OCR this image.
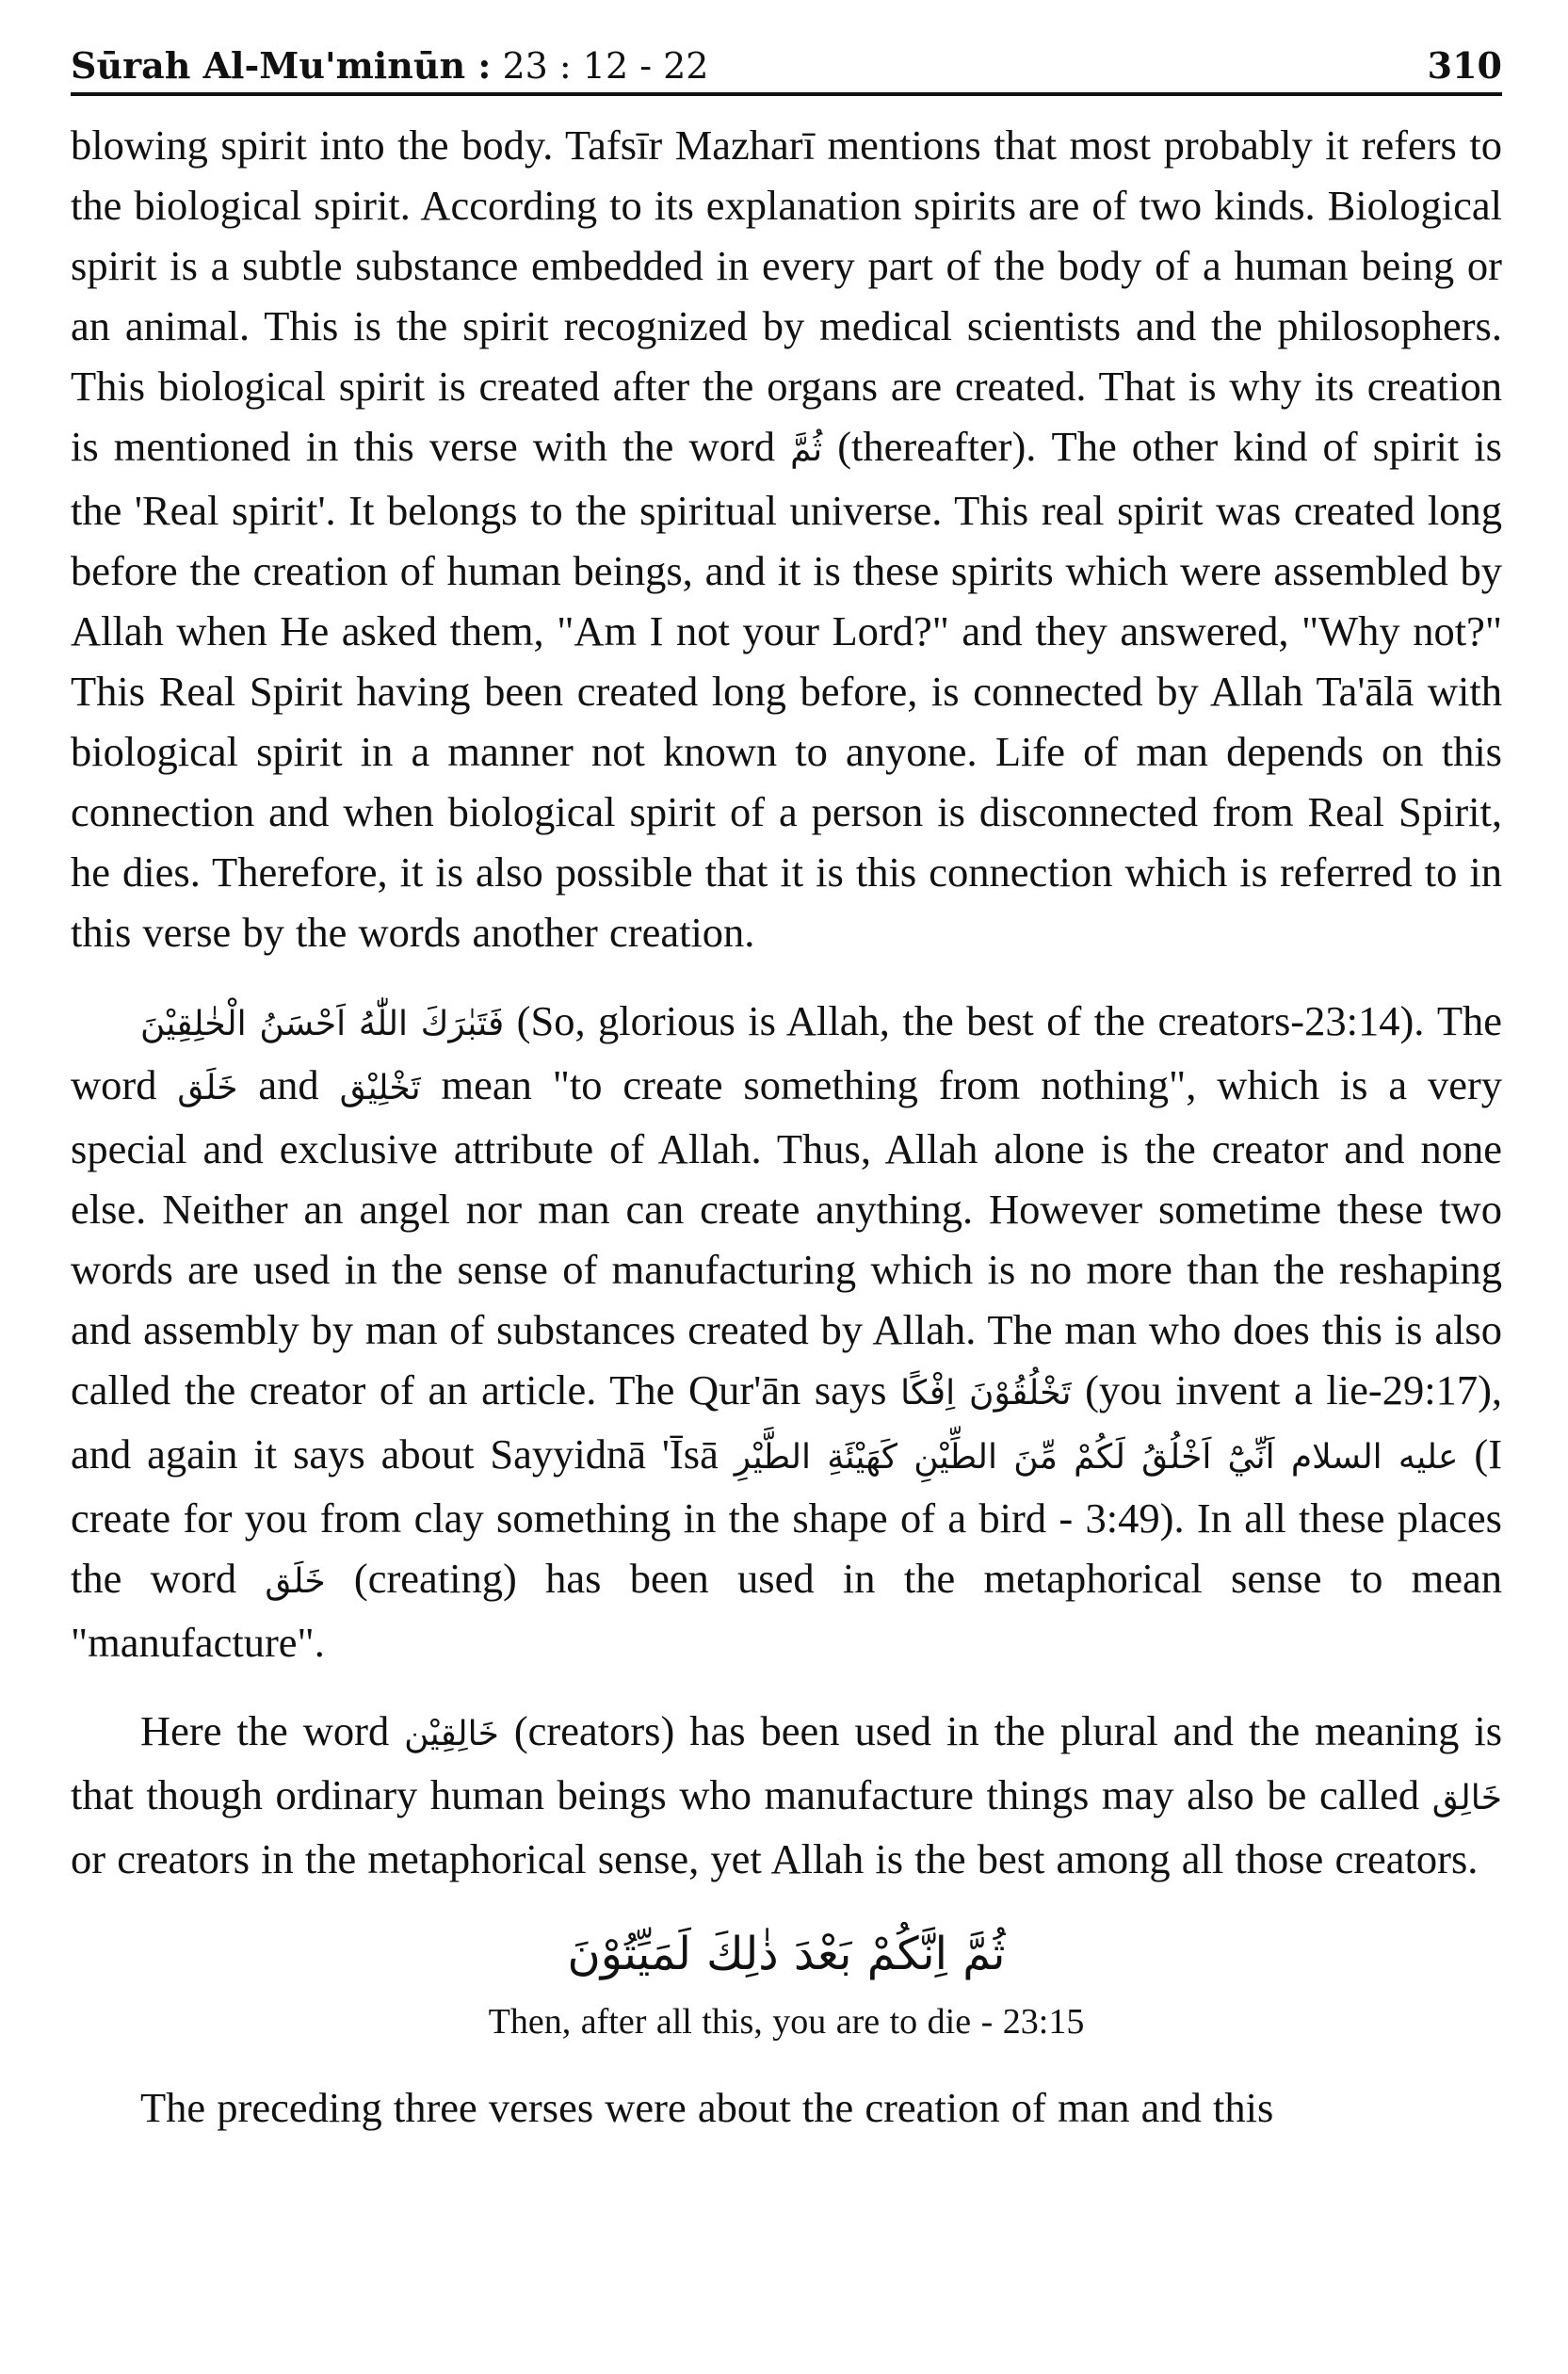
Sūrah Al-Mu'minūn : 23 : 12 - 22	310

blowing spirit into the body. Tafsīr Mazharī mentions that most probably it refers to the biological spirit. According to its explanation spirits are of two kinds. Biological spirit is a subtle substance embedded in every part of the body of a human being or an animal. This is the spirit recognized by medical scientists and the philosophers. This biological spirit is created after the organs are created. That is why its creation is mentioned in this verse with the word ثُمَّ (thereafter). The other kind of spirit is the 'Real spirit'. It belongs to the spiritual universe. This real spirit was created long before the creation of human beings, and it is these spirits which were assembled by Allah when He asked them, "Am I not your Lord?" and they answered, "Why not?" This Real Spirit having been created long before, is connected by Allah Ta'ālā with biological spirit in a manner not known to anyone. Life of man depends on this connection and when biological spirit of a person is disconnected from Real Spirit, he dies. Therefore, it is also possible that it is this connection which is referred to in this verse by the words another creation.

فَتَبٰرَكَ اللّٰهُ اَحْسَنُ الْخٰلِقِيْنَ (So, glorious is Allah, the best of the creators-23:14). The word خَلَق and تَخْلِيْق mean "to create something from nothing", which is a very special and exclusive attribute of Allah. Thus, Allah alone is the creator and none else. Neither an angel nor man can create anything. However sometime these two words are used in the sense of manufacturing which is no more than the reshaping and assembly by man of substances created by Allah. The man who does this is also called the creator of an article. The Qur'ān says تَخْلُقُوْنَ اِفْكًا (you invent a lie-29:17), and again it says about Sayyidnā 'Īsā عليه السلام اَنِّيْٓ اَخْلُقُ لَكُمْ مِّنَ الطِّيْنِ كَهَيْئَةِ الطَّيْرِ (I create for you from clay something in the shape of a bird - 3:49). In all these places the word خَلَق (creating) has been used in the metaphorical sense to mean "manufacture".

Here the word خَالِقِيْن (creators) has been used in the plural and the meaning is that though ordinary human beings who manufacture things may also be called خَالِق or creators in the metaphorical sense, yet Allah is the best among all those creators.

ثُمَّ اِنَّكُمْ بَعْدَ ذٰلِكَ لَمَيِّتُوْنَ
Then, after all this, you are to die - 23:15

The preceding three verses were about the creation of man and this
